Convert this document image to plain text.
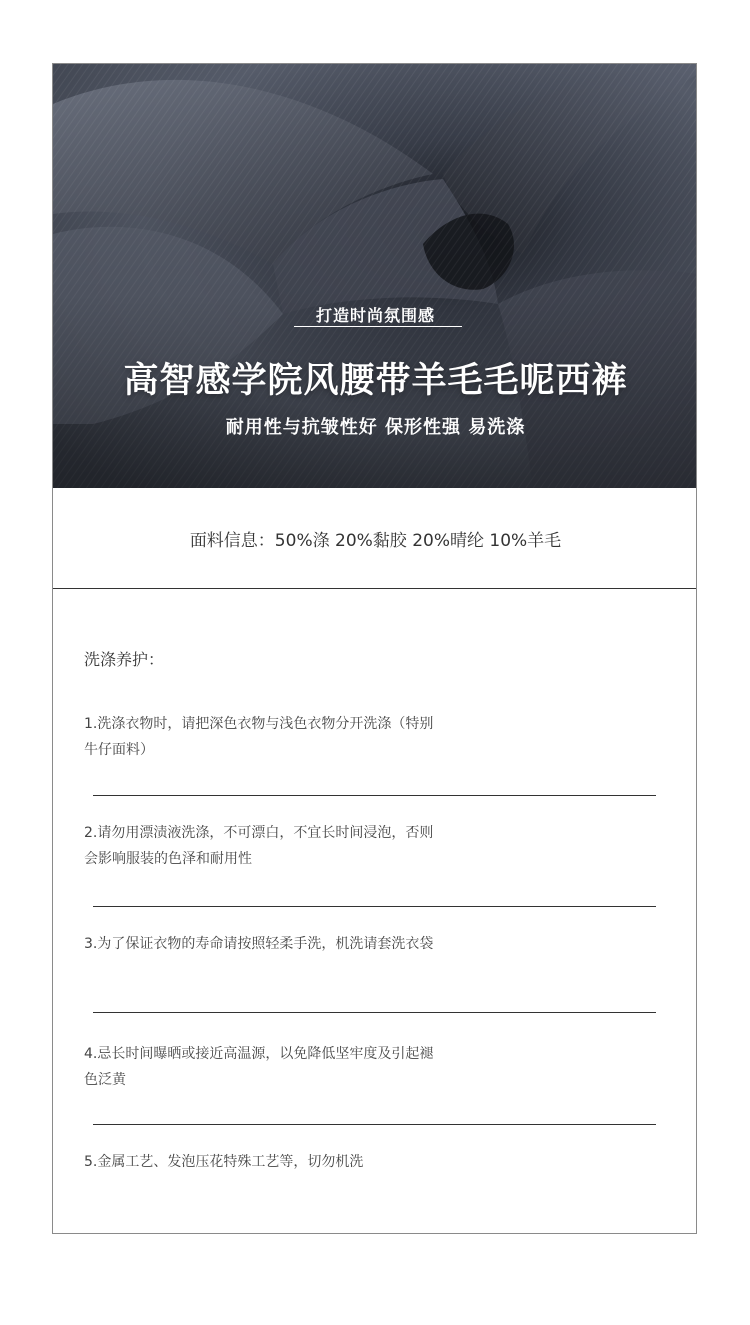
打造时尚氛围感
高智感学院风腰带羊毛毛呢西裤
耐用性与抗皱性好 保形性强 易洗涤
面料信息：50%涤 20%黏胶 20%晴纶 10%羊毛
洗涤养护：
1.洗涤衣物时，请把深色衣物与浅色衣物分开洗涤（特别牛仔面料）
2.请勿用漂渍液洗涤，不可漂白，不宜长时间浸泡，否则会影响服装的色泽和耐用性
3.为了保证衣物的寿命请按照轻柔手洗，机洗请套洗衣袋
4.忌长时间曝晒或接近高温源，以免降低坚牢度及引起褪色泛黄
5.金属工艺、发泡压花特殊工艺等，切勿机洗
